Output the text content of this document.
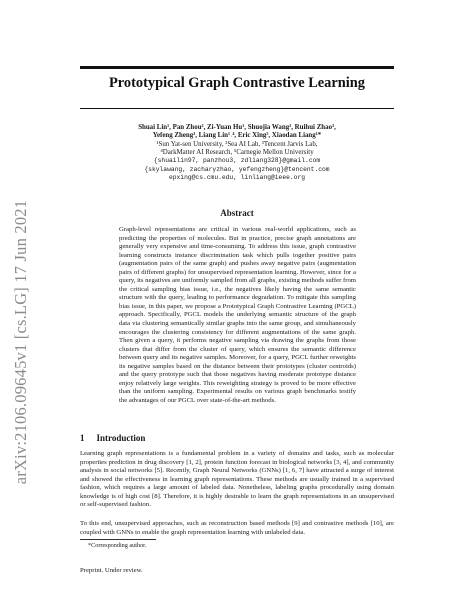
arXiv:2106.09645v1 [cs.LG] 17 Jun 2021
Prototypical Graph Contrastive Learning
Shuai Lin¹, Pan Zhou², Zi-Yuan Hu¹, Shuojia Wang³, Ruihui Zhao³,
Yefeng Zheng³, Liang Lin¹˒⁴, Eric Xing⁵, Xiaodan Liang¹*
¹Sun Yat-sen University, ²Sea AI Lab, ³Tencent Jarvis Lab,
⁴DarkMatter AI Research, ⁵Carnegie Mellon University
{shuailin97, panzhou3, zdliang328}@gmail.com
{skylawang, zacharyzhao, yefengzheng}@tencent.com
epxing@cs.cmu.edu, linliang@ieee.org
Abstract
Graph-level representations are critical in various real-world applications, such as predicting the properties of molecules. But in practice, precise graph annotations are generally very expensive and time-consuming. To address this issue, graph contrastive learning constructs instance discrimination task which pulls together positive pairs (augmentation pairs of the same graph) and pushes away negative pairs (augmentation pairs of different graphs) for unsupervised representation learning. However, since for a query, its negatives are uniformly sampled from all graphs, existing methods suffer from the critical sampling bias issue, i.e., the negatives likely having the same semantic structure with the query, leading to performance degradation. To mitigate this sampling bias issue, in this paper, we propose a Prototypical Graph Contrastive Learning (PGCL) approach. Specifically, PGCL models the underlying semantic structure of the graph data via clustering semantically similar graphs into the same group, and simultaneously encourages the clustering consistency for different augmentations of the same graph. Then given a query, it performs negative sampling via drawing the graphs from those clusters that differ from the cluster of query, which ensures the semantic difference between query and its negative samples. Moreover, for a query, PGCL further reweights its negative samples based on the distance between their prototypes (cluster centroids) and the query prototype such that those negatives having moderate prototype distance enjoy relatively large weights. This reweighting strategy is proved to be more effective than the uniform sampling. Experimental results on various graph benchmarks testify the advantages of our PGCL over state-of-the-art methods.
1 Introduction
Learning graph representations is a fundamental problem in a variety of domains and tasks, such as molecular properties prediction in drug discovery [1, 2], protein function forecast in biological networks [3, 4], and community analysis in social networks [5]. Recently, Graph Neural Networks (GNNs) [1, 6, 7] have attracted a surge of interest and showed the effectiveness in learning graph representations. These methods are usually trained in a supervised fashion, which requires a large amount of labeled data. Nonetheless, labeling graphs procedurally using domain knowledge is of high cost [8]. Therefore, it is highly desirable to learn the graph representations in an unsupervised or self-supervised fashion.
To this end, unsupervised approaches, such as reconstruction based methods [9] and contrastive methods [10], are coupled with GNNs to enable the graph representation learning with unlabeled data.
*Corresponding author.
Preprint. Under review.
